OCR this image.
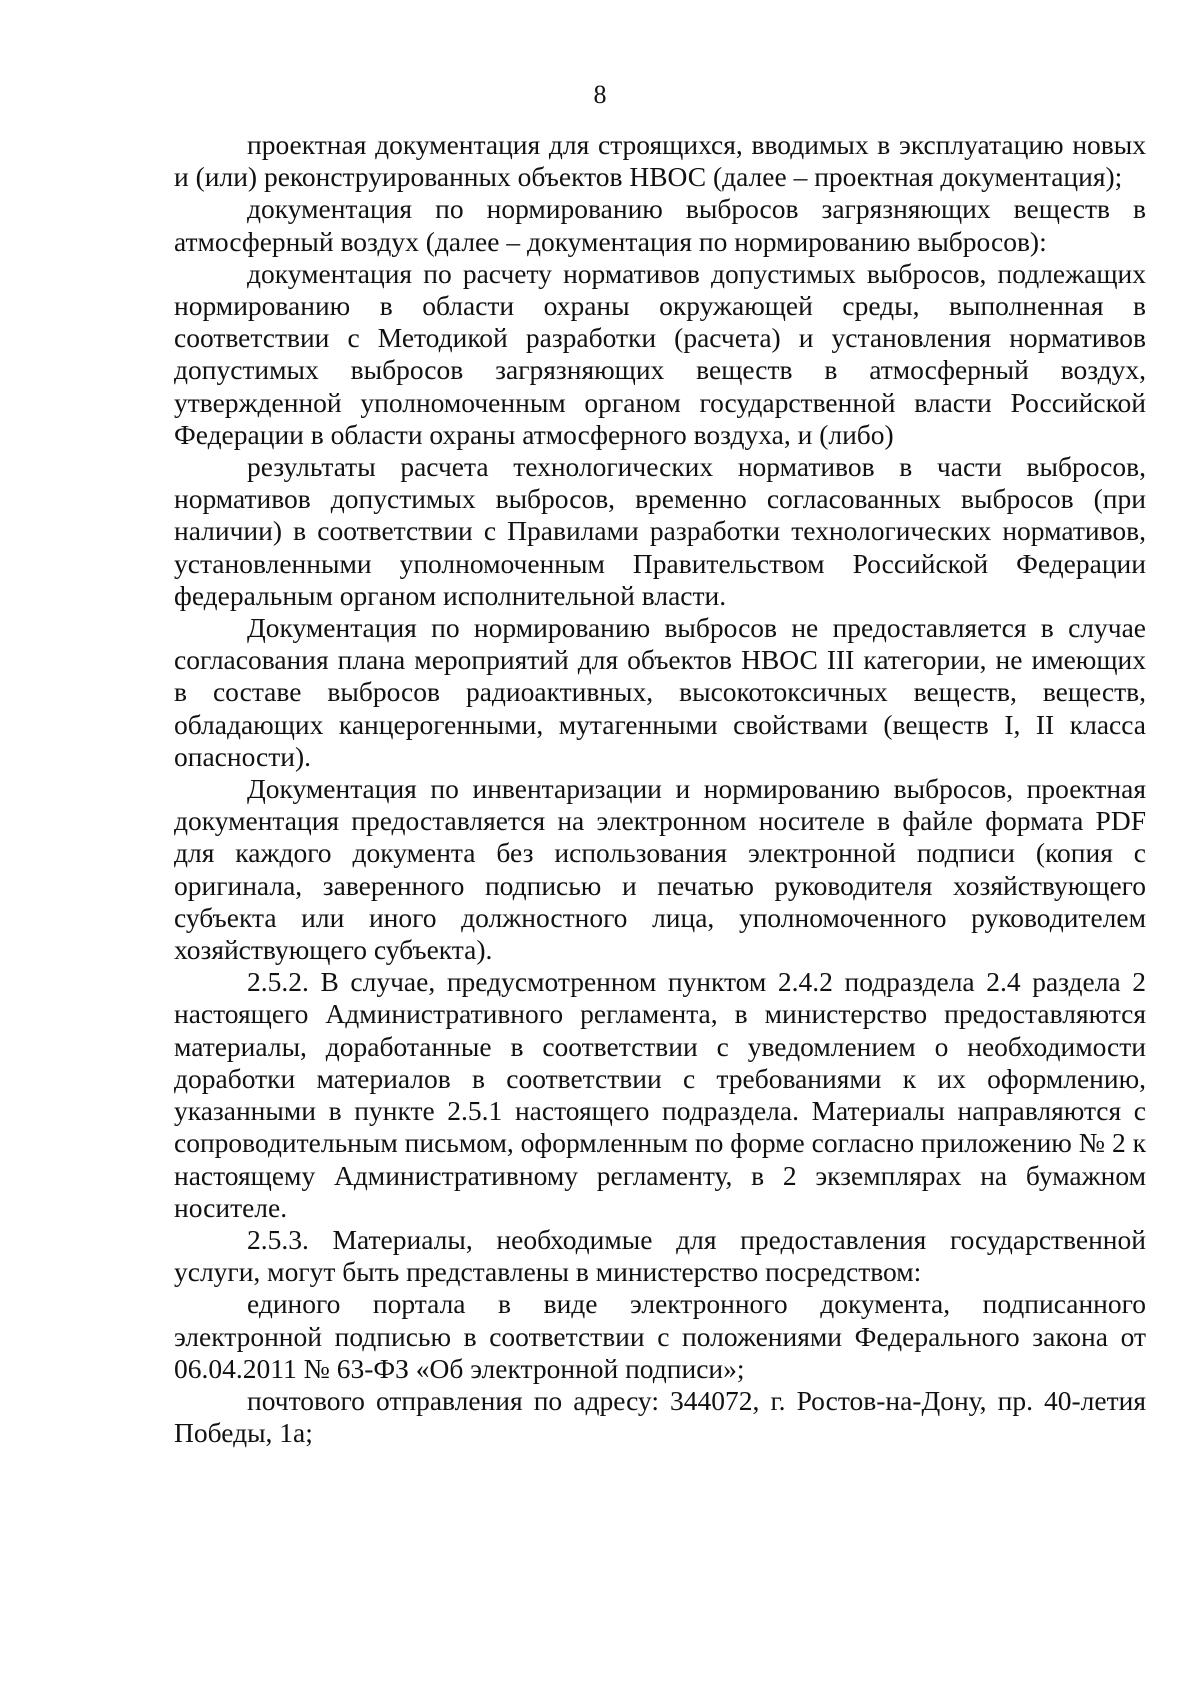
8

проектная документация для строящихся, вводимых в эксплуатацию новых и (или) реконструированных объектов НВОС (далее – проектная документация);

документация по нормированию выбросов загрязняющих веществ в атмосферный воздух (далее – документация по нормированию выбросов):

документация по расчету нормативов допустимых выбросов, подлежащих нормированию в области охраны окружающей среды, выполненная в соответствии с Методикой разработки (расчета) и установления нормативов допустимых выбросов загрязняющих веществ в атмосферный воздух, утвержденной уполномоченным органом государственной власти Российской Федерации в области охраны атмосферного воздуха, и (либо)

результаты расчета технологических нормативов в части выбросов, нормативов допустимых выбросов, временно согласованных выбросов (при наличии) в соответствии с Правилами разработки технологических нормативов, установленными уполномоченным Правительством Российской Федерации федеральным органом исполнительной власти.

Документация по нормированию выбросов не предоставляется в случае согласования плана мероприятий для объектов НВОС III категории, не имеющих в составе выбросов радиоактивных, высокотоксичных веществ, веществ, обладающих канцерогенными, мутагенными свойствами (веществ I, II класса опасности).

Документация по инвентаризации и нормированию выбросов, проектная документация предоставляется на электронном носителе в файле формата PDF для каждого документа без использования электронной подписи (копия с оригинала, заверенного подписью и печатью руководителя хозяйствующего субъекта или иного должностного лица, уполномоченного руководителем хозяйствующего субъекта).

2.5.2. В случае, предусмотренном пунктом 2.4.2 подраздела 2.4 раздела 2 настоящего Административного регламента, в министерство предоставляются материалы, доработанные в соответствии с уведомлением о необходимости доработки материалов в соответствии с требованиями к их оформлению, указанными в пункте 2.5.1 настоящего подраздела. Материалы направляются с сопроводительным письмом, оформленным по форме согласно приложению № 2 к настоящему Административному регламенту, в 2 экземплярах на бумажном носителе.

2.5.3. Материалы, необходимые для предоставления государственной услуги, могут быть представлены в министерство посредством:

единого портала в виде электронного документа, подписанного электронной подписью в соответствии с положениями Федерального закона от 06.04.2011 № 63-ФЗ «Об электронной подписи»;

почтового отправления по адресу: 344072, г. Ростов-на-Дону, пр. 40-летия Победы, 1а;
